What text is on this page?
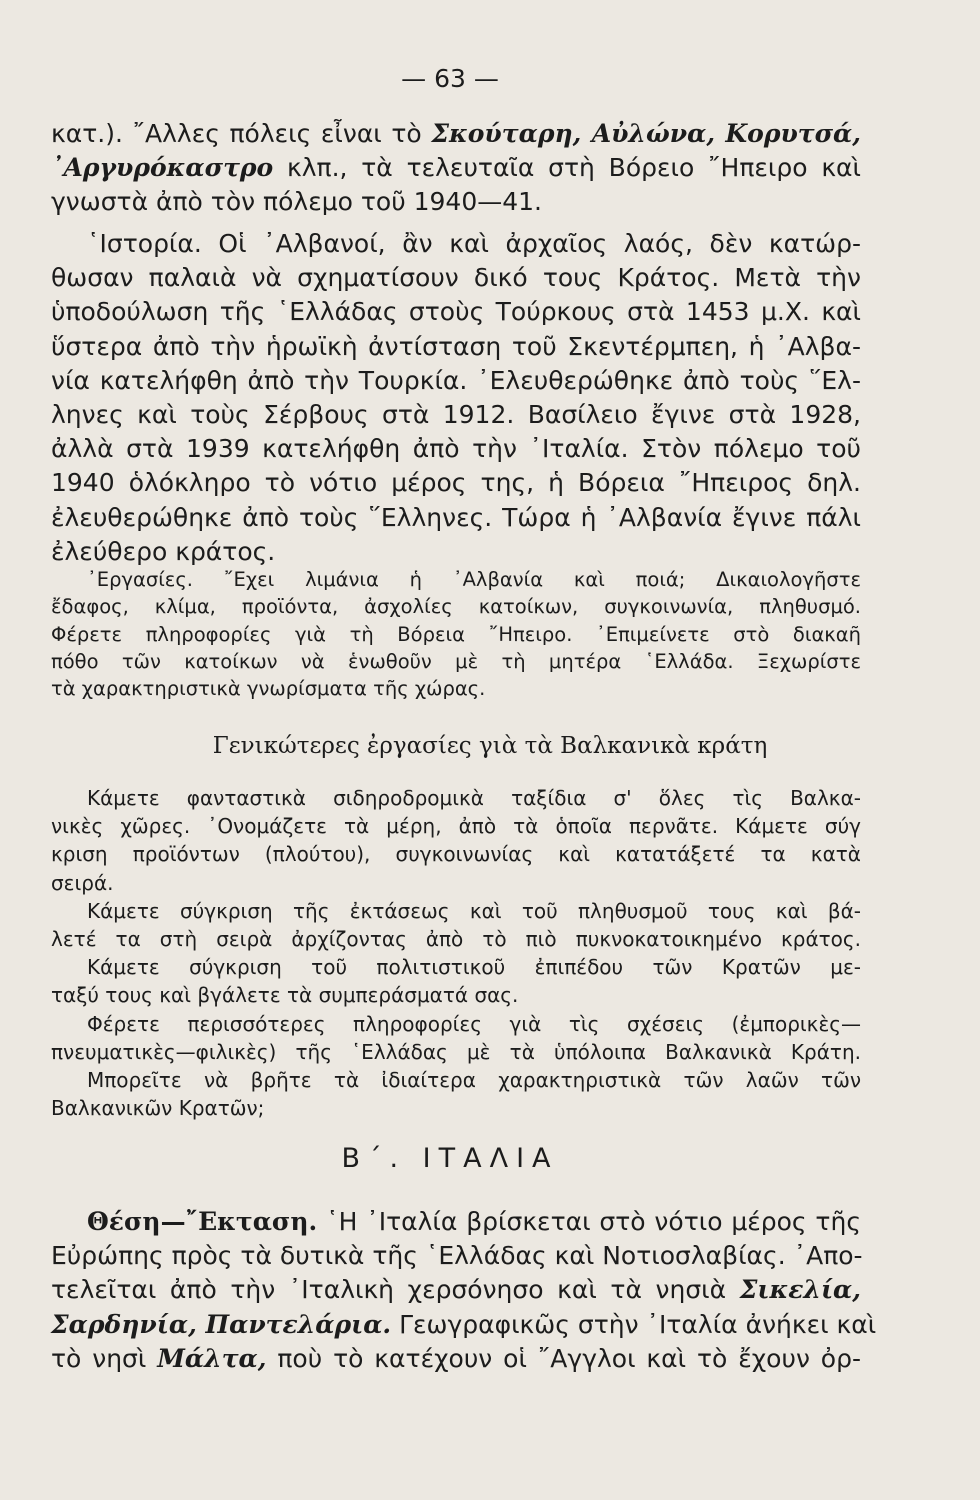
— 63 —
κατ.). ῎Αλλες πόλεις εἶναι τὸ Σκούταρη, Αὐλώνα, Κορυτσά,
᾿Αργυρόκαστρο κλπ., τὰ τελευταῖα στὴ Βόρειο ῎Ηπειρο καὶ
γνωστὰ ἀπὸ τὸν πόλεμο τοῦ 1940—41.
῾Ιστορία. Οἱ ᾿Αλβανοί, ἂν καὶ ἀρχαῖος λαός, δὲν κατώρ-
θωσαν παλαιὰ νὰ σχηματίσουν δικό τους Κράτος. Μετὰ τὴν
ὑποδούλωση τῆς ῾Ελλάδας στοὺς Τούρκους στὰ 1453 μ.Χ. καὶ
ὕστερα ἀπὸ τὴν ἡρωϊκὴ ἀντίσταση τοῦ Σκεντέρμπεη, ἡ ᾿Αλβα-
νία κατελήφθη ἀπὸ τὴν Τουρκία. ᾿Ελευθερώθηκε ἀπὸ τοὺς ῞Ελ-
ληνες καὶ τοὺς Σέρβους στὰ 1912. Βασίλειο ἔγινε στὰ 1928,
ἀλλὰ στὰ 1939 κατελήφθη ἀπὸ τὴν ᾿Ιταλία. Στὸν πόλεμο τοῦ
1940 ὁλόκληρο τὸ νότιο μέρος της, ἡ Βόρεια ῎Ηπειρος δηλ.
ἐλευθερώθηκε ἀπὸ τοὺς ῞Ελληνες. Τώρα ἡ ᾿Αλβανία ἔγινε πάλι
ἐλεύθερο κράτος.
᾿Εργασίες. ῎Εχει λιμάνια ἡ ᾿Αλβανία καὶ ποιά; Δικαιολογῆστε
ἔδαφος, κλίμα, προϊόντα, ἀσχολίες κατοίκων, συγκοινωνία, πληθυσμό.
Φέρετε πληροφορίες γιὰ τὴ Βόρεια ῎Ηπειρο. ᾿Επιμείνετε στὸ διακαῆ
πόθο τῶν κατοίκων νὰ ἑνωθοῦν μὲ τὴ μητέρα ῾Ελλάδα. Ξεχωρίστε
τὰ χαρακτηριστικὰ γνωρίσματα τῆς χώρας.
Γενικώτερες ἐργασίες γιὰ τὰ Βαλκανικὰ κράτη
Κάμετε φανταστικὰ σιδηροδρομικὰ ταξίδια σ' ὅλες τὶς Βαλκα-
νικὲς χῶρες. ᾿Ονομάζετε τὰ μέρη, ἀπὸ τὰ ὁποῖα περνᾶτε. Κάμετε σύγ
κριση προϊόντων (πλούτου), συγκοινωνίας καὶ κατατάξετέ τα κατὰ
σειρά.
Κάμετε σύγκριση τῆς ἐκτάσεως καὶ τοῦ πληθυσμοῦ τους καὶ βά-
λετέ τα στὴ σειρὰ ἀρχίζοντας ἀπὸ τὸ πιὸ πυκνοκατοικημένο κράτος.
Κάμετε σύγκριση τοῦ πολιτιστικοῦ ἐπιπέδου τῶν Κρατῶν με-
ταξύ τους καὶ βγάλετε τὰ συμπεράσματά σας.
Φέρετε περισσότερες πληροφορίες γιὰ τὶς σχέσεις (ἐμπορικὲς—
πνευματικὲς—φιλικὲς) τῆς ῾Ελλάδας μὲ τὰ ὑπόλοιπα Βαλκανικὰ Κράτη.
Μπορεῖτε νὰ βρῆτε τὰ ἰδιαίτερα χαρακτηριστικὰ τῶν λαῶν τῶν
Βαλκανικῶν Κρατῶν;
Β΄. ΙΤΑΛΙΑ
Θέση—῎Εκταση. ῾Η ᾿Ιταλία βρίσκεται στὸ νότιο μέρος τῆς
Εὐρώπης πρὸς τὰ δυτικὰ τῆς ῾Ελλάδας καὶ Νοτιοσλαβίας. ᾿Απο-
τελεῖται ἀπὸ τὴν ᾿Ιταλικὴ χερσόνησο καὶ τὰ νησιὰ Σικελία,
Σαρδηνία, Παντελάρια. Γεωγραφικῶς στὴν ᾿Ιταλία ἀνήκει καὶ
τὸ νησὶ Μάλτα, ποὺ τὸ κατέχουν οἱ ῎Αγγλοι καὶ τὸ ἔχουν ὀρ-
